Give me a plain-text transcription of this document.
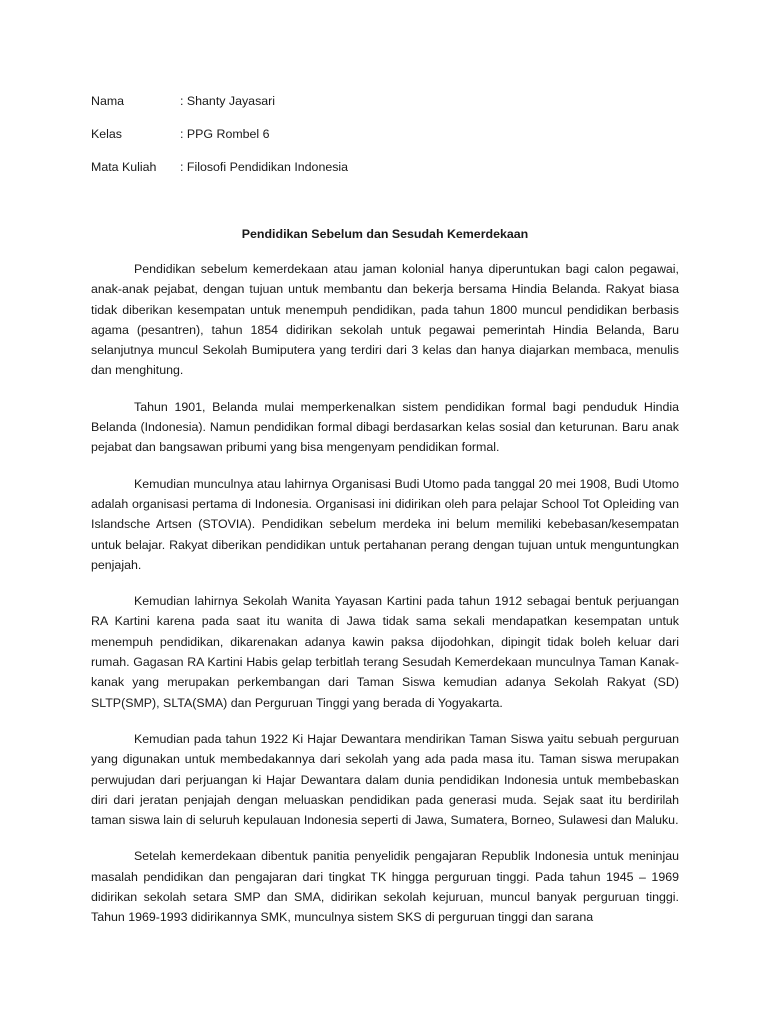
Nama	: Shanty Jayasari
Kelas	: PPG Rombel 6
Mata Kuliah	: Filosofi Pendidikan Indonesia
Pendidikan Sebelum dan Sesudah Kemerdekaan

Pendidikan sebelum kemerdekaan atau jaman kolonial hanya diperuntukan bagi calon pegawai, anak-anak pejabat, dengan tujuan untuk membantu dan bekerja bersama Hindia Belanda. Rakyat biasa tidak diberikan kesempatan untuk menempuh pendidikan, pada tahun 1800 muncul pendidikan berbasis agama (pesantren), tahun 1854 didirikan sekolah untuk pegawai pemerintah Hindia Belanda, Baru selanjutnya muncul Sekolah Bumiputera yang terdiri dari 3 kelas dan hanya diajarkan membaca, menulis dan menghitung.

Tahun 1901, Belanda mulai memperkenalkan sistem pendidikan formal bagi penduduk Hindia Belanda (Indonesia). Namun pendidikan formal dibagi berdasarkan kelas sosial dan keturunan. Baru anak pejabat dan bangsawan pribumi yang bisa mengenyam pendidikan formal.

Kemudian munculnya atau lahirnya Organisasi Budi Utomo pada tanggal 20 mei 1908, Budi Utomo adalah organisasi pertama di Indonesia. Organisasi ini didirikan oleh para pelajar School Tot Opleiding van Islandsche Artsen (STOVIA). Pendidikan sebelum merdeka ini belum memiliki kebebasan/kesempatan untuk belajar. Rakyat diberikan pendidikan untuk pertahanan perang dengan tujuan untuk menguntungkan penjajah.

Kemudian lahirnya Sekolah Wanita Yayasan Kartini pada tahun 1912 sebagai bentuk perjuangan RA Kartini karena pada saat itu wanita di Jawa tidak sama sekali mendapatkan kesempatan untuk menempuh pendidikan, dikarenakan adanya kawin paksa dijodohkan, dipingit tidak boleh keluar dari rumah. Gagasan RA Kartini Habis gelap terbitlah terang Sesudah Kemerdekaan munculnya Taman Kanak-kanak yang merupakan perkembangan dari Taman Siswa kemudian adanya Sekolah Rakyat (SD) SLTP(SMP), SLTA(SMA) dan Perguruan Tinggi yang berada di Yogyakarta.

Kemudian pada tahun 1922 Ki Hajar Dewantara mendirikan Taman Siswa yaitu sebuah perguruan yang digunakan untuk membedakannya dari sekolah yang ada pada masa itu. Taman siswa merupakan perwujudan dari perjuangan ki Hajar Dewantara dalam dunia pendidikan Indonesia untuk membebaskan diri dari jeratan penjajah dengan meluaskan pendidikan pada generasi muda. Sejak saat itu berdirilah taman siswa lain di seluruh kepulauan Indonesia seperti di Jawa, Sumatera, Borneo, Sulawesi dan Maluku.

Setelah kemerdekaan dibentuk panitia penyelidik pengajaran Republik Indonesia untuk meninjau masalah pendidikan dan pengajaran dari tingkat TK hingga perguruan tinggi. Pada tahun 1945 – 1969 didirikan sekolah setara SMP dan SMA, didirikan sekolah kejuruan, muncul banyak perguruan tinggi. Tahun 1969-1993 didirikannya SMK, munculnya sistem SKS di perguruan tinggi dan sarana
